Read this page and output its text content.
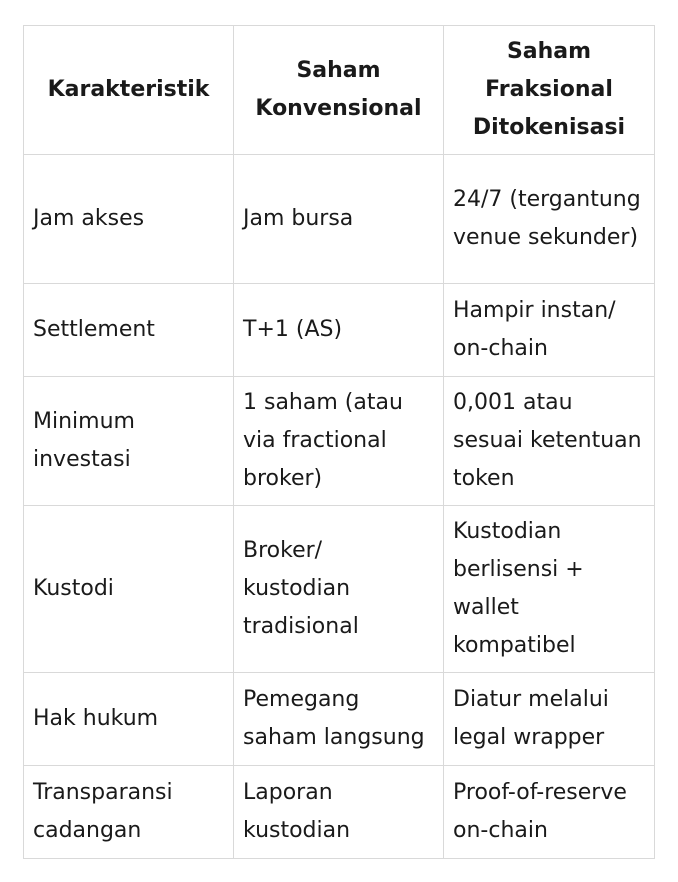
Karakteristik	Saham Konvensional	Saham Fraksional Ditokenisasi
Jam akses	Jam bursa	24/7 (tergantung venue sekunder)
Settlement	T+1 (AS)	Hampir instan/ on-chain
Minimum investasi	1 saham (atau via fractional broker)	0,001 atau sesuai ketentuan token
Kustodi	Broker/ kustodian tradisional	Kustodian berlisensi + wallet kompatibel
Hak hukum	Pemegang saham langsung	Diatur melalui legal wrapper
Transparansi cadangan	Laporan kustodian	Proof-of-reserve on-chain
